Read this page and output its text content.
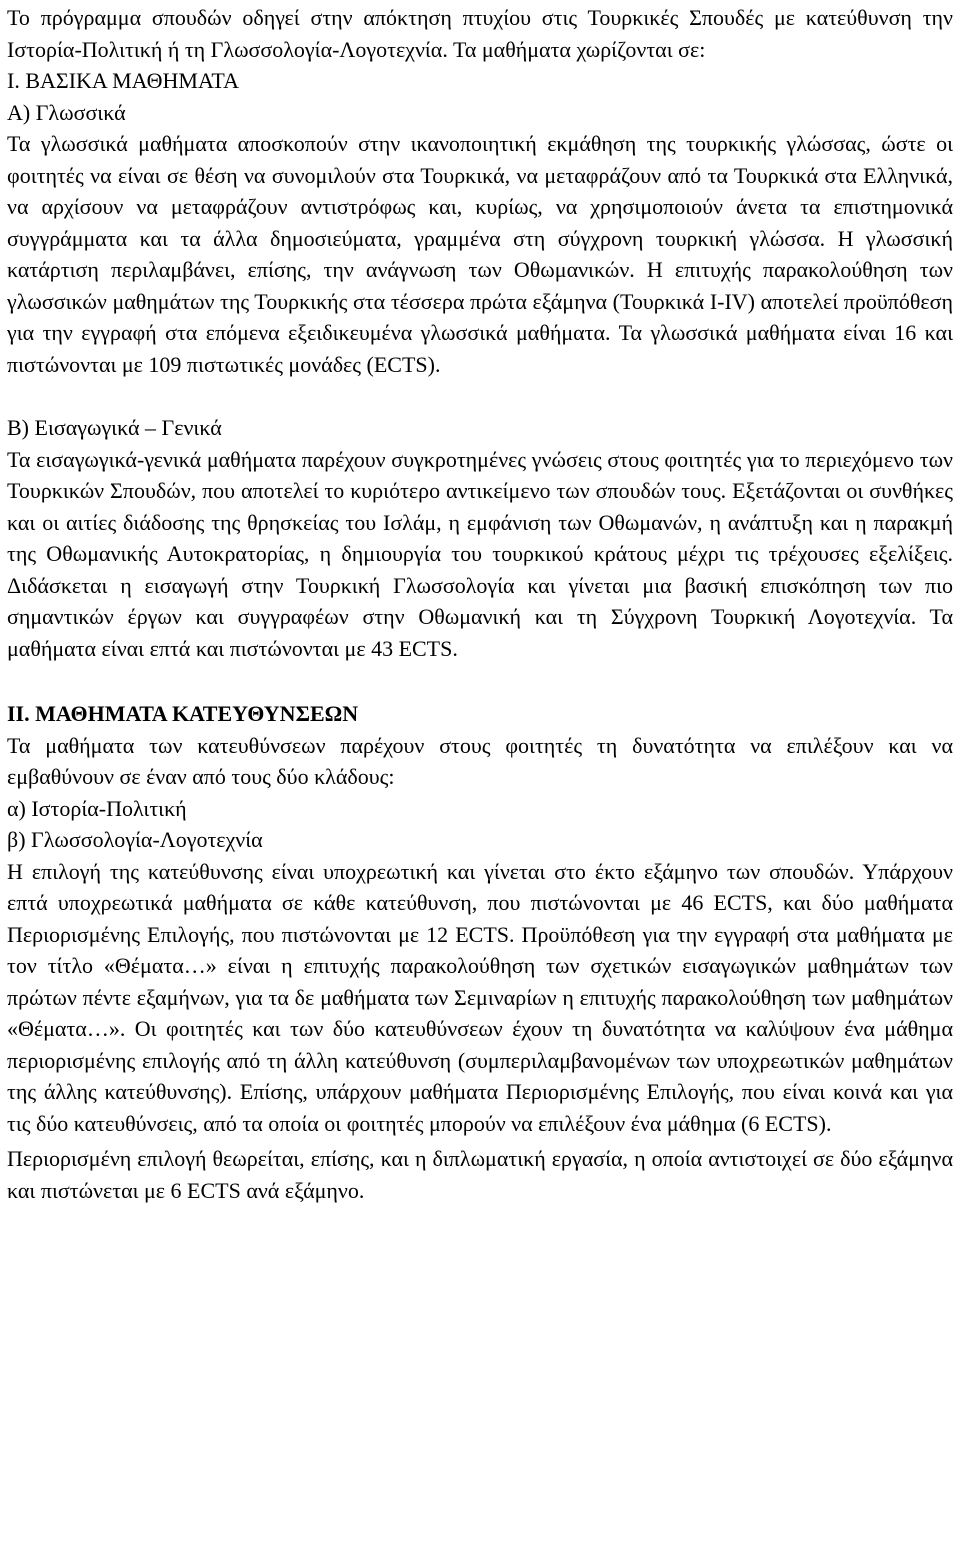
Το πρόγραμμα σπουδών οδηγεί στην απόκτηση πτυχίου στις Τουρκικές Σπουδές με κατεύθυνση την Ιστορία-Πολιτική ή τη Γλωσσολογία-Λογοτεχνία. Τα μαθήματα χωρίζονται σε:

Ι. ΒΑΣΙΚΑ ΜΑΘΗΜΑΤΑ

Α) Γλωσσικά

Τα γλωσσικά μαθήματα αποσκοπούν στην ικανοποιητική εκμάθηση της τουρκικής γλώσσας, ώστε οι φοιτητές να είναι σε θέση να συνομιλούν στα Τουρκικά, να μεταφράζουν από τα Τουρκικά στα Ελληνικά, να αρχίσουν να μεταφράζουν αντιστρόφως και, κυρίως, να χρησιμοποιούν άνετα τα επιστημονικά συγγράμματα και τα άλλα δημοσιεύματα, γραμμένα στη σύγχρονη τουρκική γλώσσα. Η γλωσσική κατάρτιση περιλαμβάνει, επίσης, την ανάγνωση των Οθωμανικών. Η επιτυχής παρακολούθηση των γλωσσικών μαθημάτων της Τουρκικής στα τέσσερα πρώτα εξάμηνα (Τουρκικά I-IV) αποτελεί προϋπόθεση για την εγγραφή στα επόμενα εξειδικευμένα γλωσσικά μαθήματα. Τα γλωσσικά μαθήματα είναι 16 και πιστώνονται με 109 πιστωτικές μονάδες (ECTS).

Β) Εισαγωγικά – Γενικά

Τα εισαγωγικά-γενικά μαθήματα παρέχουν συγκροτημένες γνώσεις στους φοιτητές για το περιεχόμενο των Τουρκικών Σπουδών, που αποτελεί το κυριότερο αντικείμενο των σπουδών τους. Εξετάζονται οι συνθήκες και οι αιτίες διάδοσης της θρησκείας του Ισλάμ, η εμφάνιση των Οθωμανών, η ανάπτυξη και η παρακμή της Οθωμανικής Αυτοκρατορίας, η δημιουργία του τουρκικού κράτους μέχρι τις τρέχουσες εξελίξεις. Διδάσκεται η εισαγωγή στην Τουρκική Γλωσσολογία και γίνεται μια βασική επισκόπηση των πιο σημαντικών έργων και συγγραφέων στην Οθωμανική και τη Σύγχρονη Τουρκική Λογοτεχνία. Τα μαθήματα είναι επτά και πιστώνονται με 43 ECTS.

ΙΙ. ΜΑΘΗΜΑΤΑ ΚΑΤΕΥΘΥΝΣΕΩΝ

Τα μαθήματα των κατευθύνσεων παρέχουν στους φοιτητές τη δυνατότητα να επιλέξουν και να εμβαθύνουν σε έναν από τους δύο κλάδους:

α) Ιστορία-Πολιτική

β) Γλωσσολογία-Λογοτεχνία

Η επιλογή της κατεύθυνσης είναι υποχρεωτική και γίνεται στο έκτο εξάμηνο των σπουδών. Υπάρχουν επτά υποχρεωτικά μαθήματα σε κάθε κατεύθυνση, που πιστώνονται με 46 ECTS, και δύο μαθήματα Περιορισμένης Επιλογής, που πιστώνονται με 12 ECTS. Προϋπόθεση για την εγγραφή στα μαθήματα με τον τίτλο «Θέματα…» είναι η επιτυχής παρακολούθηση των σχετικών εισαγωγικών μαθημάτων των πρώτων πέντε εξαμήνων, για τα δε μαθήματα των Σεμιναρίων η επιτυχής παρακολούθηση των μαθημάτων «Θέματα…». Οι φοιτητές και των δύο κατευθύνσεων έχουν τη δυνατότητα να καλύψουν ένα μάθημα περιορισμένης επιλογής από τη άλλη κατεύθυνση (συμπεριλαμβανομένων των υποχρεωτικών μαθημάτων της άλλης κατεύθυνσης). Επίσης, υπάρχουν μαθήματα Περιορισμένης Επιλογής, που είναι κοινά και για τις δύο κατευθύνσεις, από τα οποία οι φοιτητές μπορούν να επιλέξουν ένα μάθημα (6 ECTS).

Περιορισμένη επιλογή θεωρείται, επίσης, και η διπλωματική εργασία, η οποία αντιστοιχεί σε δύο εξάμηνα και πιστώνεται με 6 ECTS ανά εξάμηνο.
